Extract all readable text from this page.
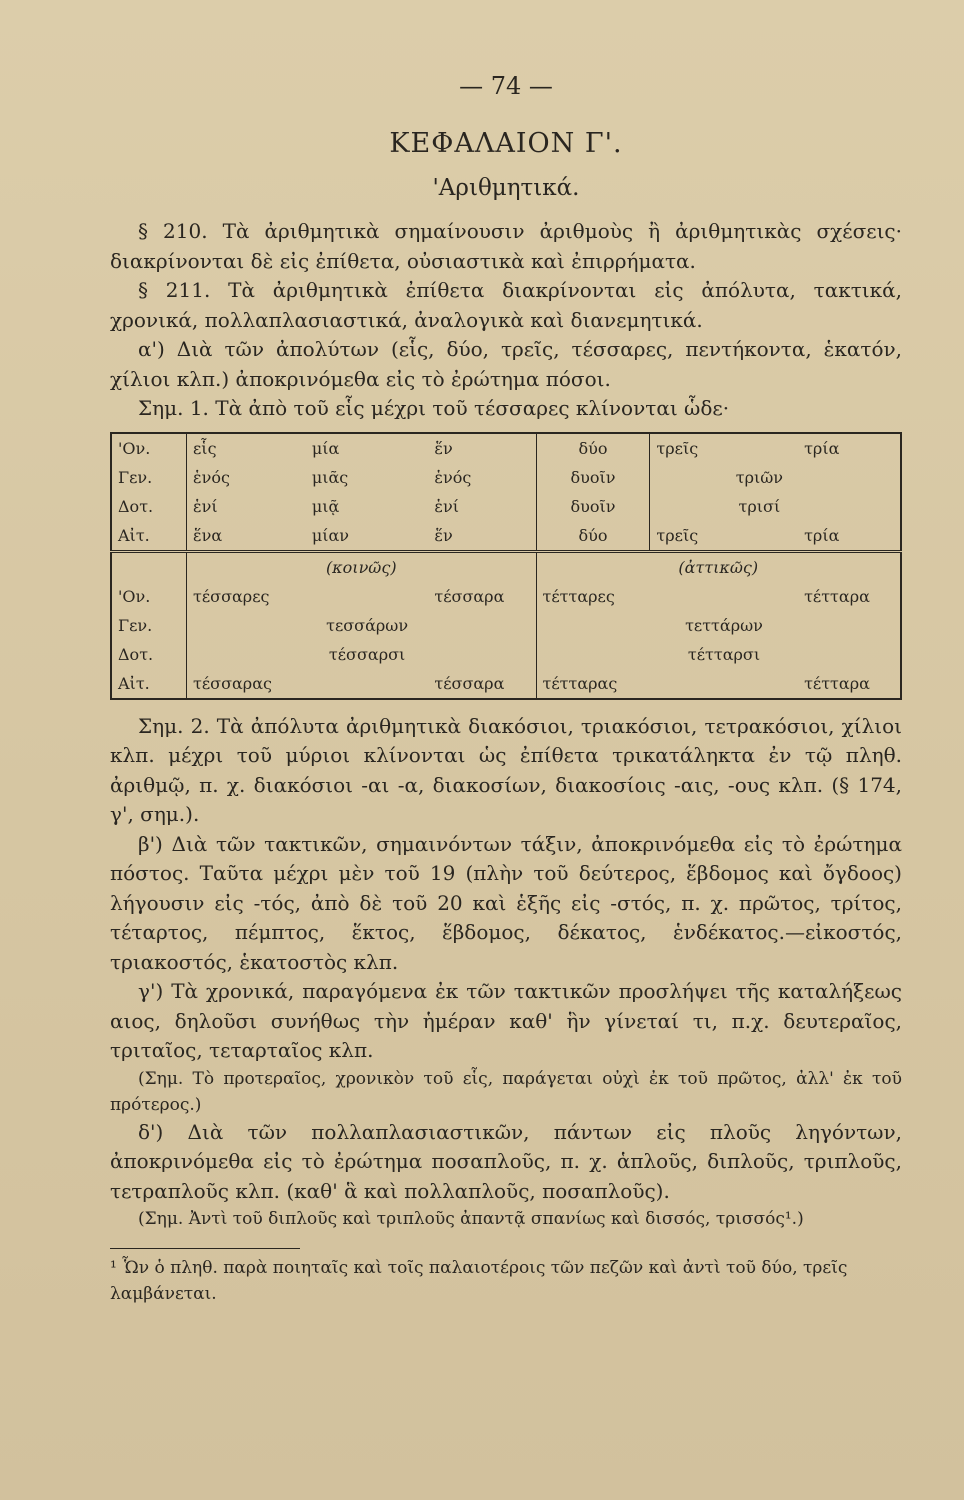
— 74 —
ΚΕΦΑΛΑΙΟΝ Γ'.
'Αριθμητικά.

§ 210. Τὰ ἀριθμητικὰ σημαίνουσιν ἀριθμοὺς ἢ ἀριθμητικὰς σχέσεις· διακρίνονται δὲ εἰς ἐπίθετα, οὐσιαστικὰ καὶ ἐπιρρήματα.

§ 211. Τὰ ἀριθμητικὰ ἐπίθετα διακρίνονται εἰς ἀπόλυτα, τακτικά, χρονικά, πολλαπλασιαστικά, ἀναλογικὰ καὶ διανεμητικά.

α') Διὰ τῶν ἀπολύτων (εἷς, δύο, τρεῖς, τέσσαρες, πεντήκοντα, ἑκατόν, χίλιοι κλπ.) ἀποκρινόμεθα εἰς τὸ ἐρώτημα πόσοι.

Σημ. 1. Τὰ ἀπὸ τοῦ εἷς μέχρι τοῦ τέσσαρες κλίνονται ὧδε·

'Ον.	εἷς	μία	ἕν	δύο	τρεῖς		τρία
Γεν.	ἑνός	μιᾶς	ἑνός	δυοῖν		τριῶν	
Δοτ.	ἑνί	μιᾷ	ἑνί	δυοῖν		τρισί	
Αἰτ.	ἕνα	μίαν	ἕν	δύο	τρεῖς		τρία
	(κοινῶς)			(ἀττικῶς)			
'Ον.	τέσσαρες		τέσσαρα	τέτταρες			τέτταρα
Γεν.		τεσσάρων			τεττάρων		
Δοτ.		τέσσαρσι			τέτταρσι		
Αἰτ.	τέσσαρας		τέσσαρα	τέτταρας			τέτταρα

Σημ. 2. Τὰ ἀπόλυτα ἀριθμητικὰ διακόσιοι, τριακόσιοι, τετρακόσιοι, χίλιοι κλπ. μέχρι τοῦ μύριοι κλίνονται ὡς ἐπίθετα τρικατάληκτα ἐν τῷ πληθ. ἀριθμῷ, π. χ. διακόσιοι -αι -α, διακοσίων, διακοσίοις -αις, -ους κλπ. (§ 174, γ', σημ.).

β') Διὰ τῶν τακτικῶν, σημαινόντων τάξιν, ἀποκρινόμεθα εἰς τὸ ἐρώτημα πόστος. Ταῦτα μέχρι μὲν τοῦ 19 (πλὴν τοῦ δεύτερος, ἕβδομος καὶ ὄγδοος) λήγουσιν εἰς -τός, ἀπὸ δὲ τοῦ 20 καὶ ἑξῆς εἰς -στός, π. χ. πρῶτος, τρίτος, τέταρτος, πέμπτος, ἕκτος, ἕβδομος, δέκατος, ἑνδέκατος.—εἰκοστός, τριακοστός, ἑκατοστὸς κλπ.

γ') Τὰ χρονικά, παραγόμενα ἐκ τῶν τακτικῶν προσλήψει τῆς καταλήξεως αιος, δηλοῦσι συνήθως τὴν ἡμέραν καθ' ἣν γίνεταί τι, π.χ. δευτεραῖος, τριταῖος, τεταρταῖος κλπ.

(Σημ. Τὸ προτεραῖος, χρονικὸν τοῦ εἷς, παράγεται οὐχὶ ἐκ τοῦ πρῶτος, ἀλλ' ἐκ τοῦ πρότερος.)

δ') Διὰ τῶν πολλαπλασιαστικῶν, πάντων εἰς πλοῦς ληγόντων, ἀποκρινόμεθα εἰς τὸ ἐρώτημα ποσαπλοῦς, π. χ. ἁπλοῦς, διπλοῦς, τριπλοῦς, τετραπλοῦς κλπ. (καθ' ἃ καὶ πολλαπλοῦς, ποσαπλοῦς).

(Σημ. Ἀντὶ τοῦ διπλοῦς καὶ τριπλοῦς ἀπαντᾷ σπανίως καὶ δισσός, τρισσός¹.)

¹ Ὧν ὁ πληθ. παρὰ ποιηταῖς καὶ τοῖς παλαιοτέροις τῶν πεζῶν καὶ ἀντὶ τοῦ δύο, τρεῖς λαμβάνεται.
